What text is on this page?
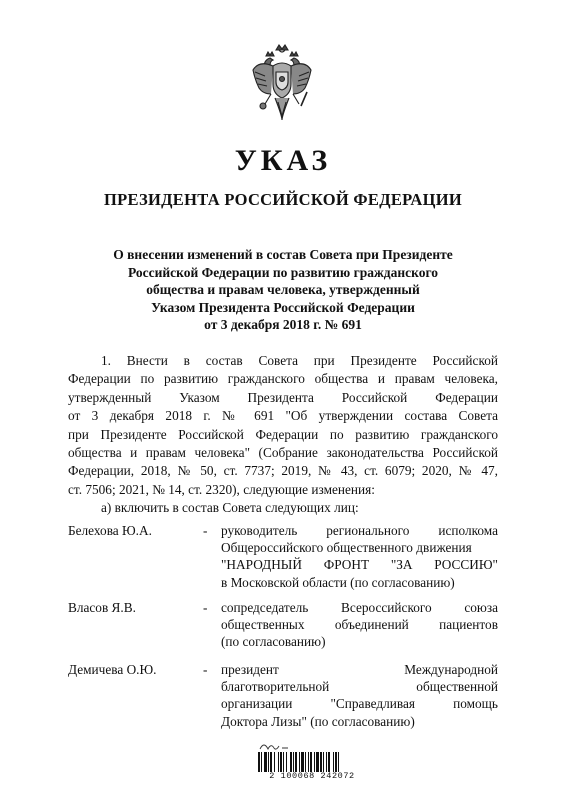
УКАЗ
ПРЕЗИДЕНТА РОССИЙСКОЙ ФЕДЕРАЦИИ
О внесении изменений в состав Совета при Президенте
Российской Федерации по развитию гражданского
общества и правам человека, утвержденный
Указом Президента Российской Федерации
от 3 декабря 2018 г. № 691
1. Внести в состав Совета при Президенте Российской
Федерации по развитию гражданского общества и правам человека,
утвержденный Указом Президента Российской Федерации
от 3 декабря 2018 г. № 691 "Об утверждении состава Совета
при Президенте Российской Федерации по развитию гражданского
общества и правам человека" (Собрание законодательства Российской
Федерации, 2018, № 50, ст. 7737; 2019, № 43, ст. 6079; 2020, № 47,
ст. 7506; 2021, № 14, ст. 2320), следующие изменения:
а) включить в состав Совета следующих лиц:
Белехова Ю.А.	- руководитель регионального исполкома
Общероссийского общественного движения
"НАРОДНЫЙ ФРОНТ "ЗА РОССИЮ"
в Московской области (по согласованию)
Власов Я.В.	- сопредседатель Всероссийского союза
общественных объединений пациентов
(по согласованию)
Демичева О.Ю.	- президент Международной
благотворительной общественной
организации "Справедливая помощь
Доктора Лизы" (по согласованию)
2 100068 242072
